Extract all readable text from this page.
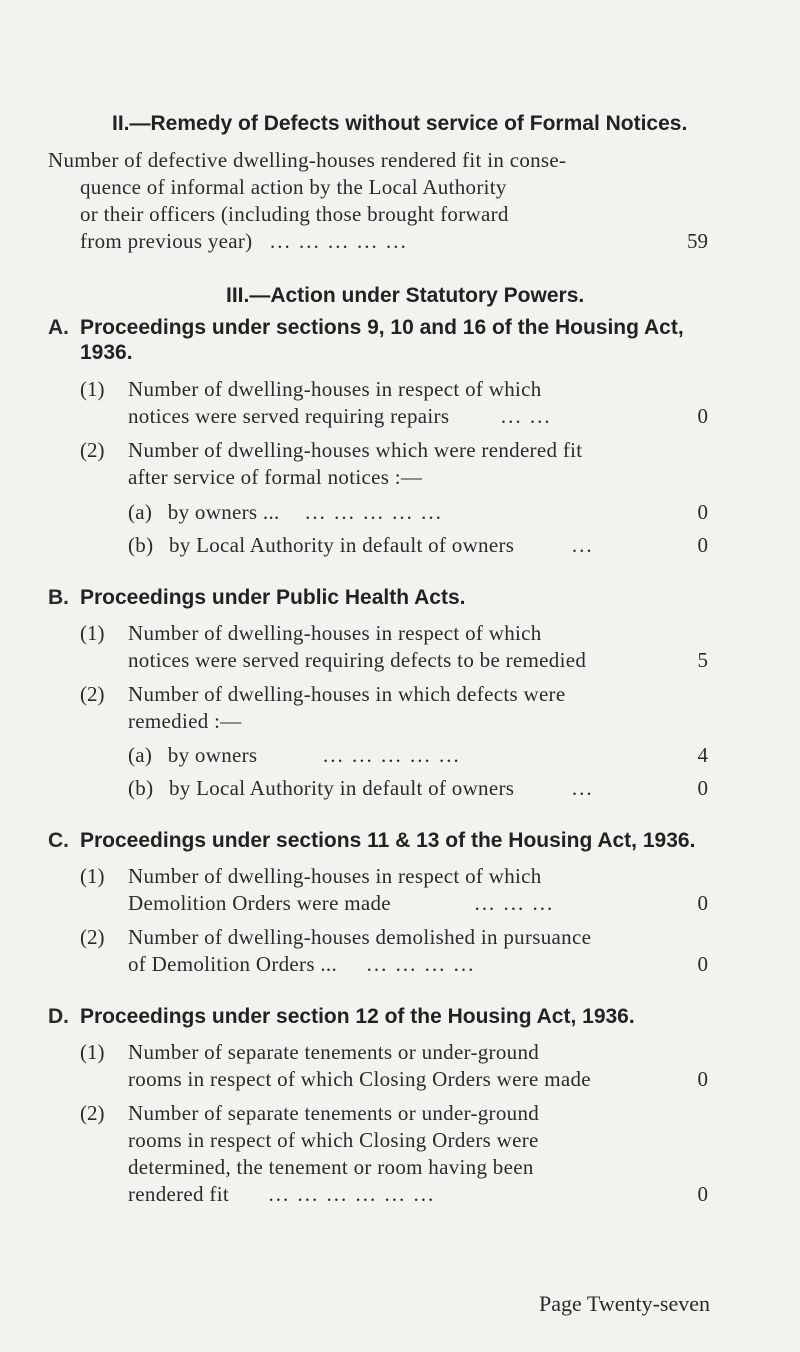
II.—Remedy of Defects without service of Formal Notices.
Number of defective dwelling-houses rendered fit in conse-
quence of informal action by the Local Authority
or their officers (including those brought forward
from previous year) ... ... ... ... ...	59
III.—Action under Statutory Powers.
A. Proceedings under sections 9, 10 and 16 of the Housing Act,
1936.
(1) Number of dwelling-houses in respect of which
notices were served requiring repairs ... ...	0
(2) Number of dwelling-houses which were rendered fit
after service of formal notices :—
(a) by owners ... ... ... ... ... ...	0
(b) by Local Authority in default of owners	...	0
B. Proceedings under Public Health Acts.
(1) Number of dwelling-houses in respect of which
notices were served requiring defects to be remedied	5
(2) Number of dwelling-houses in which defects were
remedied :—
(a) by owners	... ... ... ... ...	4
(b) by Local Authority in default of owners	...	0
C. Proceedings under sections 11 & 13 of the Housing Act, 1936.
(1) Number of dwelling-houses in respect of which
Demolition Orders were made	... ... ...	0
(2) Number of dwelling-houses demolished in pursuance
of Demolition Orders ... ... ... ... ...	0
D. Proceedings under section 12 of the Housing Act, 1936.
(1) Number of separate tenements or under-ground
rooms in respect of which Closing Orders were made	0
(2) Number of separate tenements or under-ground
rooms in respect of which Closing Orders were
determined, the tenement or room having been
rendered fit ... ... ... ... ... ...	0
Page Twenty-seven
